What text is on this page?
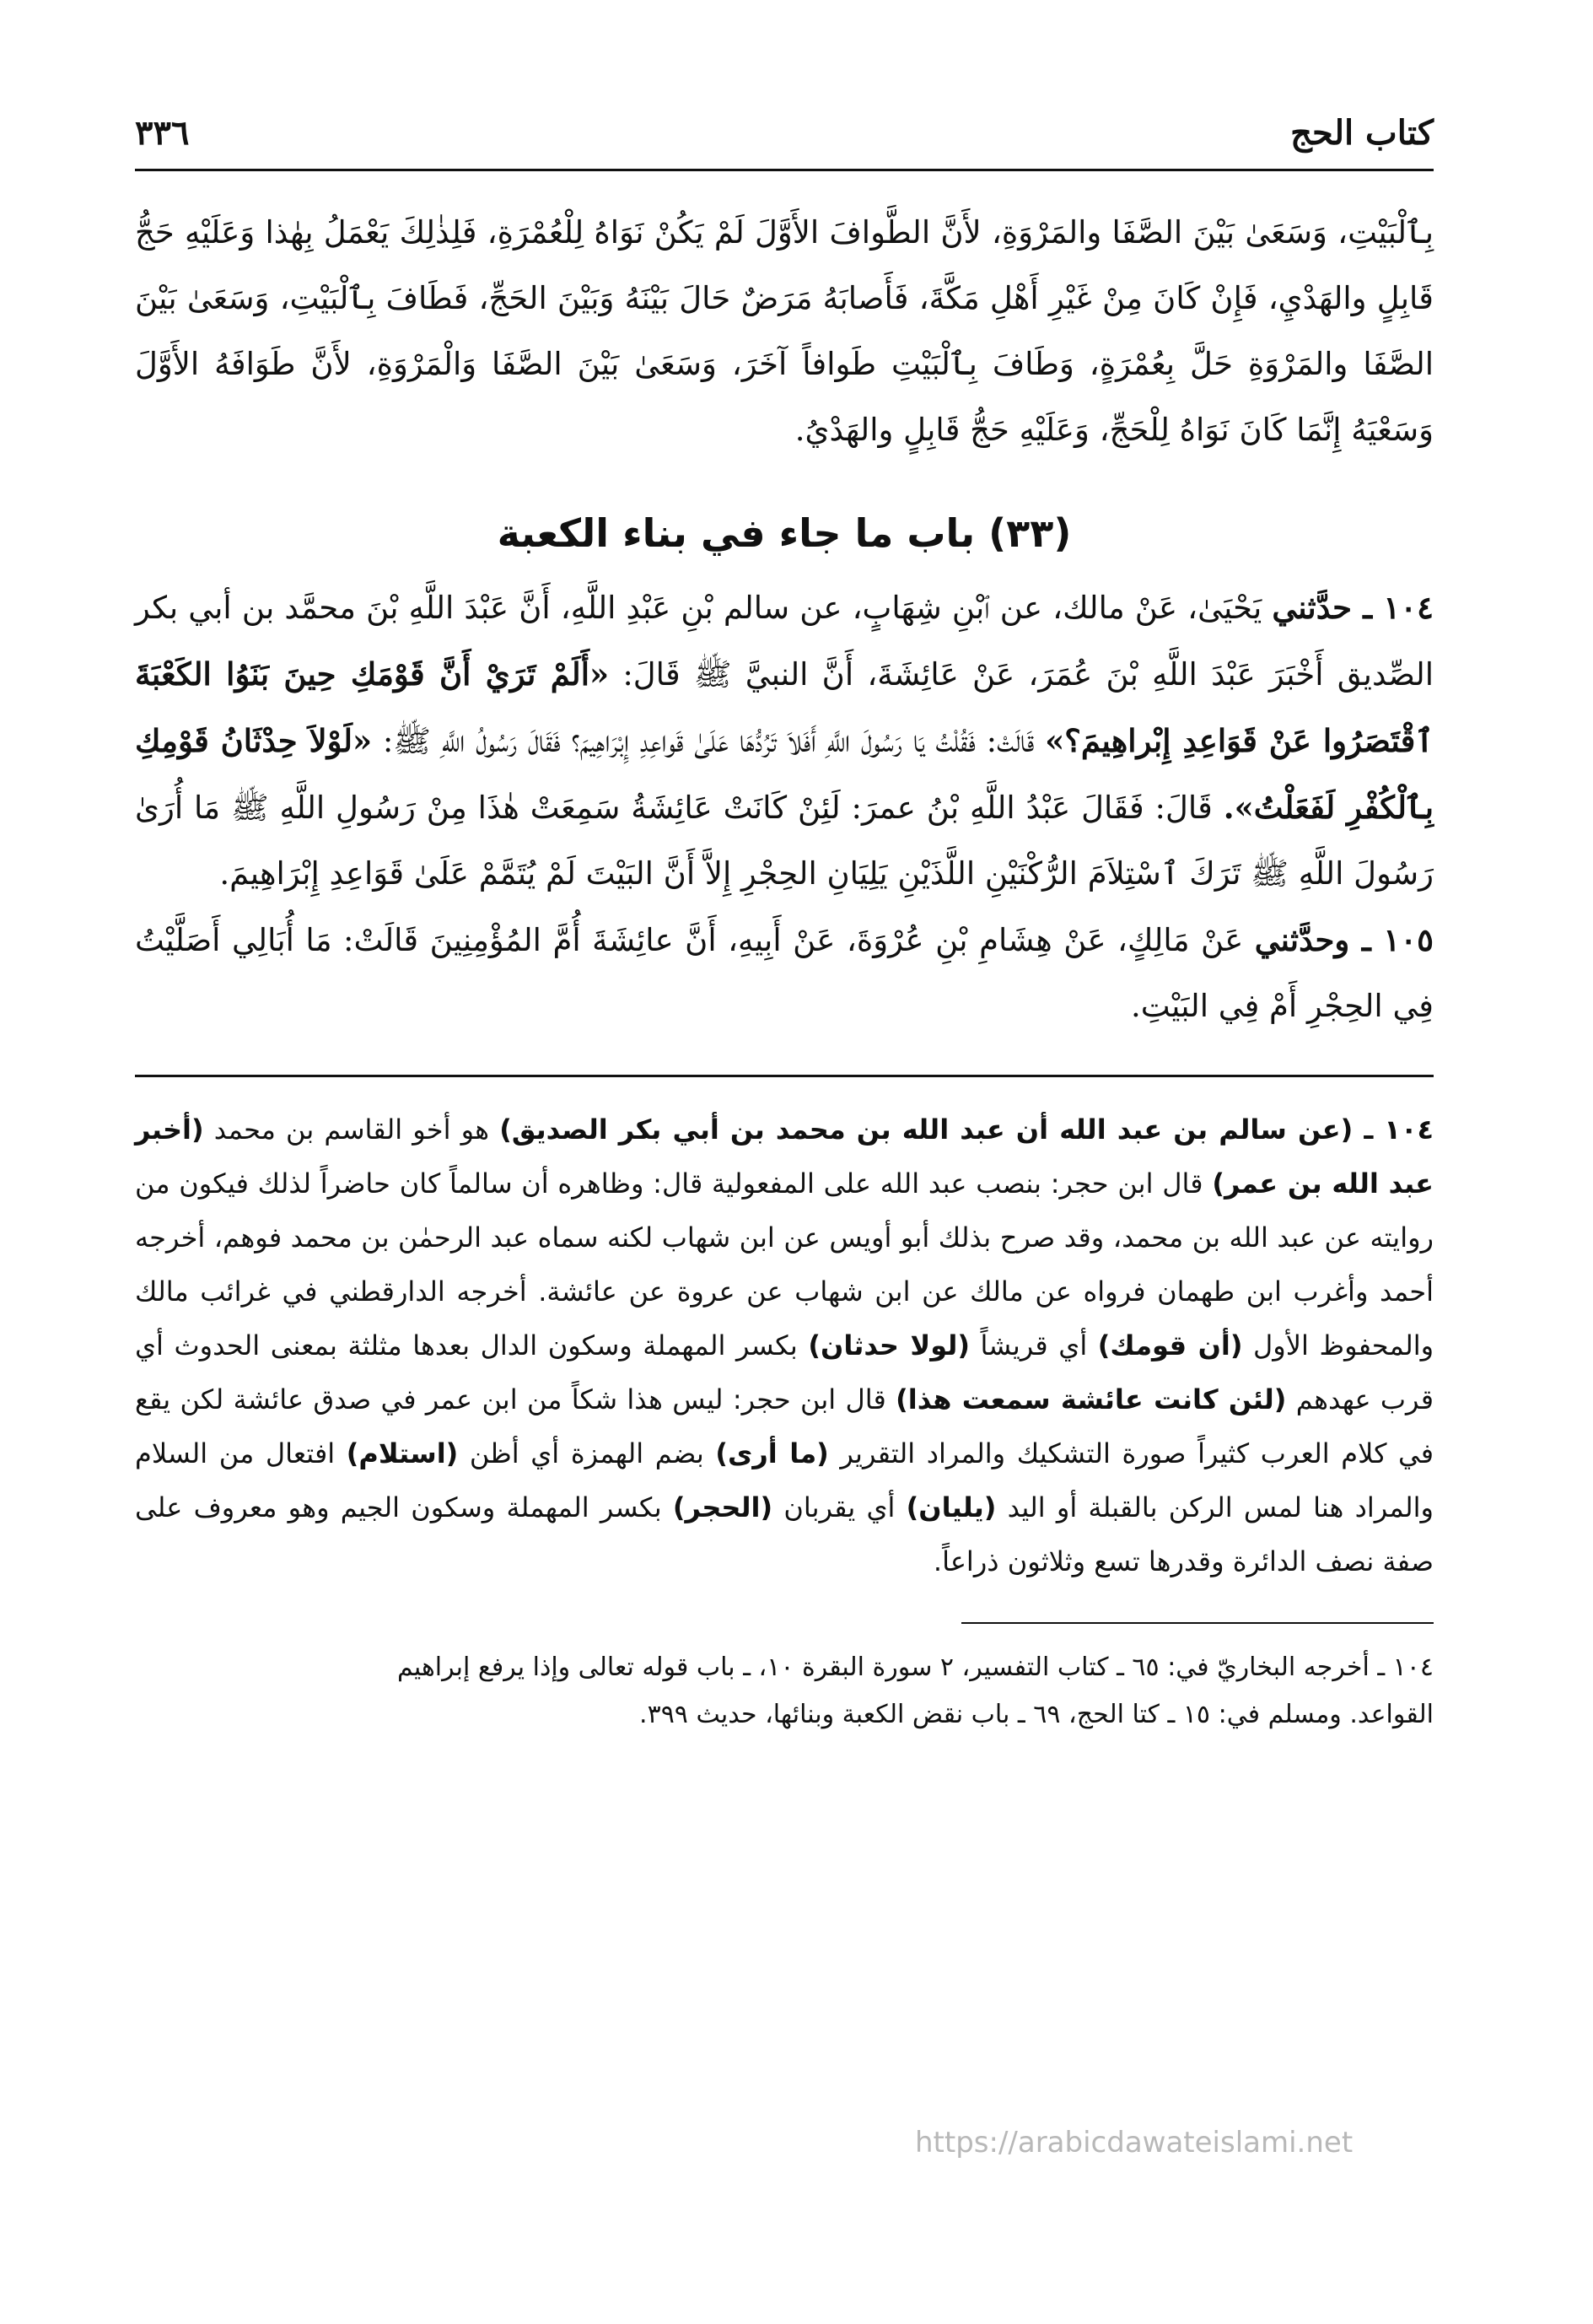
كتاب الحج
٣٣٦

بِٱلْبَيْتِ، وَسَعَىٰ بَيْنَ الصَّفَا والمَرْوَةِ، لأَنَّ الطَّوافَ الأَوَّلَ لَمْ يَكُنْ نَوَاهُ لِلْعُمْرَةِ، فَلِذٰلِكَ يَعْمَلُ بِهٰذا وَعَلَيْهِ حَجُّ قَابِلٍ والهَدْيِ، فَإِنْ كَانَ مِنْ غَيْرِ أَهْلِ مَكَّةَ، فَأَصابَهُ مَرَضٌ حَالَ بَيْنَهُ وَبَيْنَ الحَجِّ، فَطَافَ بِٱلْبَيْتِ، وَسَعَىٰ بَيْنَ الصَّفَا والمَرْوَةِ حَلَّ بِعُمْرَةٍ، وَطَافَ بِٱلْبَيْتِ طَوافاً آخَرَ، وَسَعَىٰ بَيْنَ الصَّفَا وَالْمَرْوَةِ، لأَنَّ طَوَافَهُ الأَوَّلَ وَسَعْيَهُ إِنَّمَا كَانَ نَوَاهُ لِلْحَجِّ، وَعَلَيْهِ حَجُّ قَابِلٍ والهَدْيُ.

(٣٣) باب ما جاء في بناء الكعبة

١٠٤ ـ حدَّثني يَحْيَىٰ، عَنْ مالك، عن ٱبْنِ شِهَابٍ، عن سالم بْنِ عَبْدِ اللَّهِ، أَنَّ عَبْدَ اللَّهِ بْنَ محمَّد بن أبي بكر الصِّديق أَخْبَرَ عَبْدَ اللَّهِ بْنَ عُمَرَ، عَنْ عَائِشَةَ، أَنَّ النبيَّ ﷺ قَالَ: «أَلَمْ تَرَيْ أَنَّ قَوْمَكِ حِينَ بَنَوُا الكَعْبَةَ ٱقْتَصَرُوا عَنْ قَوَاعِدِ إِبْراهِيمَ؟» قَالَتْ: فَقُلْتُ يَا رَسُولَ اللَّهِ أَفَلاَ تَرُدُّهَا عَلَىٰ قَواعِدِ إِبْرَاهِيمَ؟ فَقَالَ رَسُولُ اللَّهِ ﷺ: «لَوْلاَ حِدْثَانُ قَوْمِكِ بِٱلْكُفْرِ لَفَعَلْتُ». قَالَ: فَقَالَ عَبْدُ اللَّهِ بْنُ عمرَ: لَئِنْ كَانَتْ عَائِشَةُ سَمِعَتْ هٰذَا مِنْ رَسُولِ اللَّهِ ﷺ مَا أُرَىٰ رَسُولَ اللَّهِ ﷺ تَرَكَ ٱسْتِلاَمَ الرُّكْنَيْنِ اللَّذَيْنِ يَلِيَانِ الحِجْرِ إِلاَّ أَنَّ البَيْتَ لَمْ يُتَمَّمْ عَلَىٰ قَوَاعِدِ إِبْرَاهِيمَ.

١٠٥ ـ وحدَّثني عَنْ مَالِكٍ، عَنْ هِشَامِ بْنِ عُرْوَةَ، عَنْ أَبِيهِ، أَنَّ عائِشَةَ أُمَّ المُؤْمِنِينَ قَالَتْ: مَا أُبَالِي أَصَلَّيْتُ فِي الحِجْرِ أَمْ فِي البَيْتِ.

١٠٤ ـ (عن سالم بن عبد الله أن عبد الله بن محمد بن أبي بكر الصديق) هو أخو القاسم بن محمد (أخبر عبد الله بن عمر) قال ابن حجر: بنصب عبد الله على المفعولية قال: وظاهره أن سالماً كان حاضراً لذلك فيكون من روايته عن عبد الله بن محمد، وقد صرح بذلك أبو أويس عن ابن شهاب لكنه سماه عبد الرحمٰن بن محمد فوهم، أخرجه أحمد وأغرب ابن طهمان فرواه عن مالك عن ابن شهاب عن عروة عن عائشة. أخرجه الدارقطني في غرائب مالك والمحفوظ الأول (أن قومك) أي قريشاً (لولا حدثان) بكسر المهملة وسكون الدال بعدها مثلثة بمعنى الحدوث أي قرب عهدهم (لئن كانت عائشة سمعت هذا) قال ابن حجر: ليس هذا شكاً من ابن عمر في صدق عائشة لكن يقع في كلام العرب كثيراً صورة التشكيك والمراد التقرير (ما أرى) بضم الهمزة أي أظن (استلام) افتعال من السلام والمراد هنا لمس الركن بالقبلة أو اليد (يليان) أي يقربان (الحجر) بكسر المهملة وسكون الجيم وهو معروف على صفة نصف الدائرة وقدرها تسع وثلاثون ذراعاً.

١٠٤ ـ أخرجه البخاريّ في: ٦٥ ـ كتاب التفسير، ٢ سورة البقرة ١٠، ـ باب قوله تعالى وإذا يرفع إبراهيم

القواعد. ومسلم في: ١٥ ـ كتا الحج، ٦٩ ـ باب نقض الكعبة وبنائها، حديث ٣٩٩.

https://arabicdawateislami.net
